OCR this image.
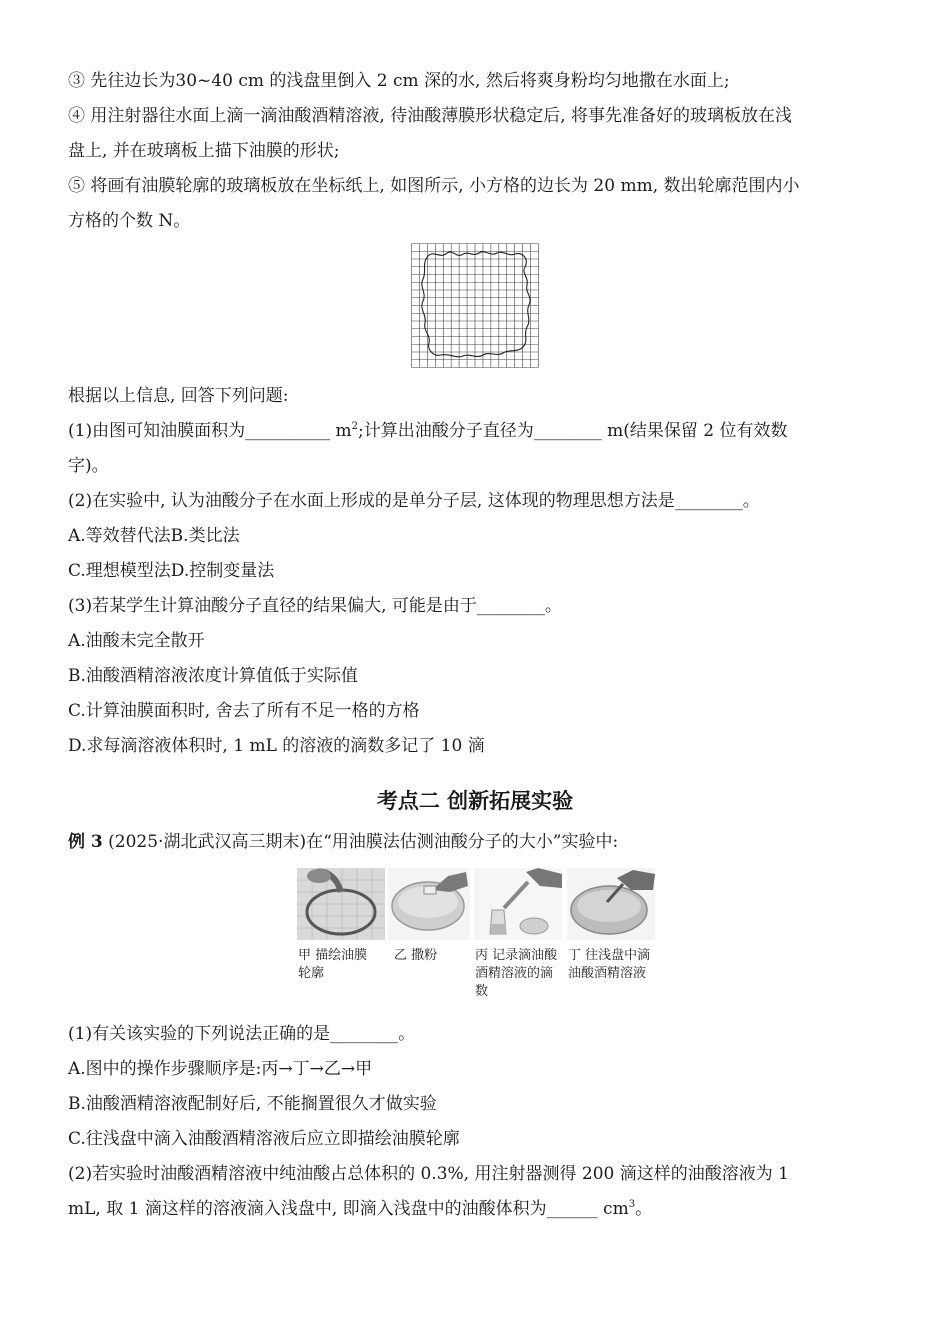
③ 先往边长为30~40 cm 的浅盘里倒入 2 cm 深的水, 然后将爽身粉均匀地撒在水面上;
④ 用注射器往水面上滴一滴油酸酒精溶液, 待油酸薄膜形状稳定后, 将事先准备好的玻璃板放在浅
盘上, 并在玻璃板上描下油膜的形状;
⑤ 将画有油膜轮廓的玻璃板放在坐标纸上, 如图所示, 小方格的边长为 20 mm, 数出轮廓范围内小
方格的个数 N。
根据以上信息, 回答下列问题:
(1)由图可知油膜面积为__________ $m^2$;计算出油酸分子直径为________ m(结果保留 2 位有效数
字)。
(2)在实验中, 认为油酸分子在水面上形成的是单分子层, 这体现的物理思想方法是________。
A.等效替代法B.类比法
C.理想模型法D.控制变量法
(3)若某学生计算油酸分子直径的结果偏大, 可能是由于________。
A.油酸未完全散开
B.油酸酒精溶液浓度计算值低于实际值
C.计算油膜面积时, 舍去了所有不足一格的方格
D.求每滴溶液体积时, 1 mL 的溶液的滴数多记了 10 滴
考点二 创新拓展实验
例 3 (2025·湖北武汉高三期末)在“用油膜法估测油酸分子的大小”实验中:
甲 描绘油膜轮廓
乙 撒粉	丙 记录滴油酸酒精溶液的滴数
丁 往浅盘中滴油酸酒精溶液
(1)有关该实验的下列说法正确的是________。
A.图中的操作步骤顺序是:丙→丁→乙→甲
B.油酸酒精溶液配制好后, 不能搁置很久才做实验
C.往浅盘中滴入油酸酒精溶液后应立即描绘油膜轮廓
(2)若实验时油酸酒精溶液中纯油酸占总体积的 0.3%, 用注射器测得 200 滴这样的油酸溶液为 1
mL, 取 1 滴这样的溶液滴入浅盘中, 即滴入浅盘中的油酸体积为______ $cm^3$。
